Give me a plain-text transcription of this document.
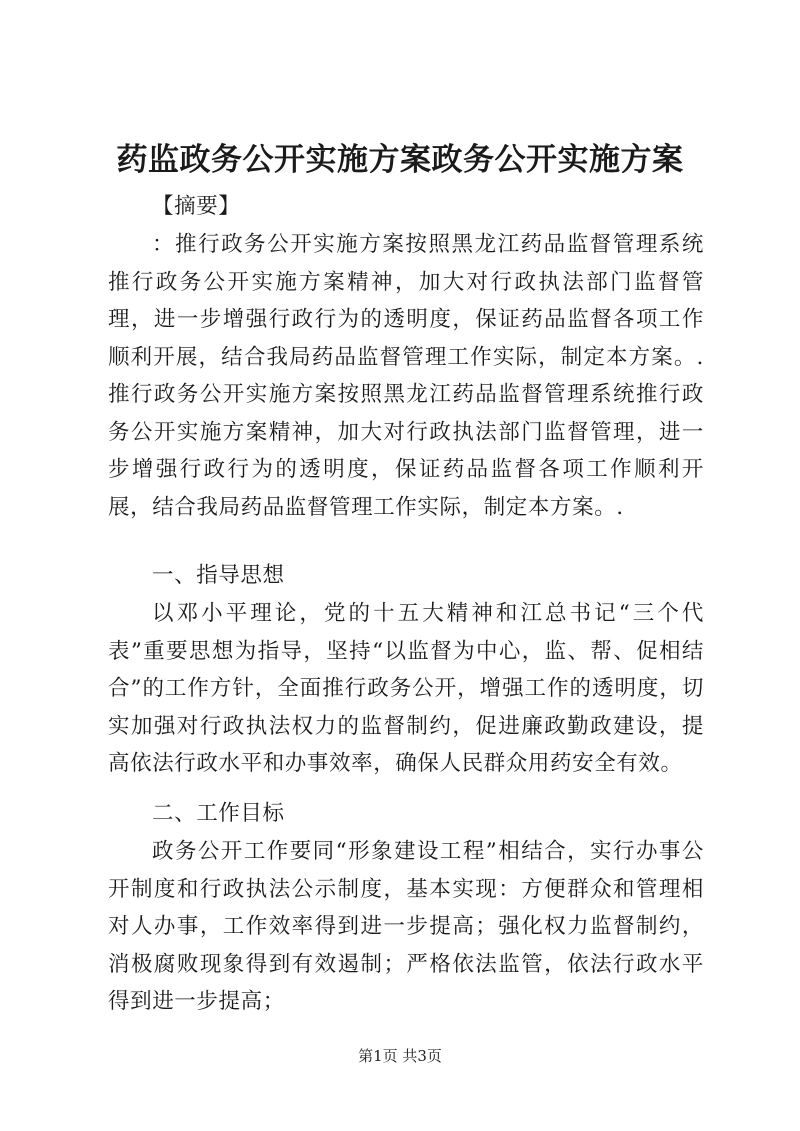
药监政务公开实施方案政务公开实施方案

【摘要】

：推行政务公开实施方案按照黑龙江药品监督管理系统推行政务公开实施方案精神，加大对行政执法部门监督管理，进一步增强行政行为的透明度，保证药品监督各项工作顺利开展，结合我局药品监督管理工作实际，制定本方案。.推行政务公开实施方案按照黑龙江药品监督管理系统推行政务公开实施方案精神，加大对行政执法部门监督管理，进一步增强行政行为的透明度，保证药品监督各项工作顺利开展，结合我局药品监督管理工作实际，制定本方案。.

一、指导思想

以邓小平理论，党的十五大精神和江总书记“三个代表”重要思想为指导，坚持“以监督为中心，监、帮、促相结合”的工作方针，全面推行政务公开，增强工作的透明度，切实加强对行政执法权力的监督制约，促进廉政勤政建设，提高依法行政水平和办事效率，确保人民群众用药安全有效。

二、工作目标

政务公开工作要同“形象建设工程”相结合，实行办事公开制度和行政执法公示制度，基本实现：方便群众和管理相对人办事，工作效率得到进一步提高；强化权力监督制约，消极腐败现象得到有效遏制；严格依法监管，依法行政水平得到进一步提高；

第1页 共3页
